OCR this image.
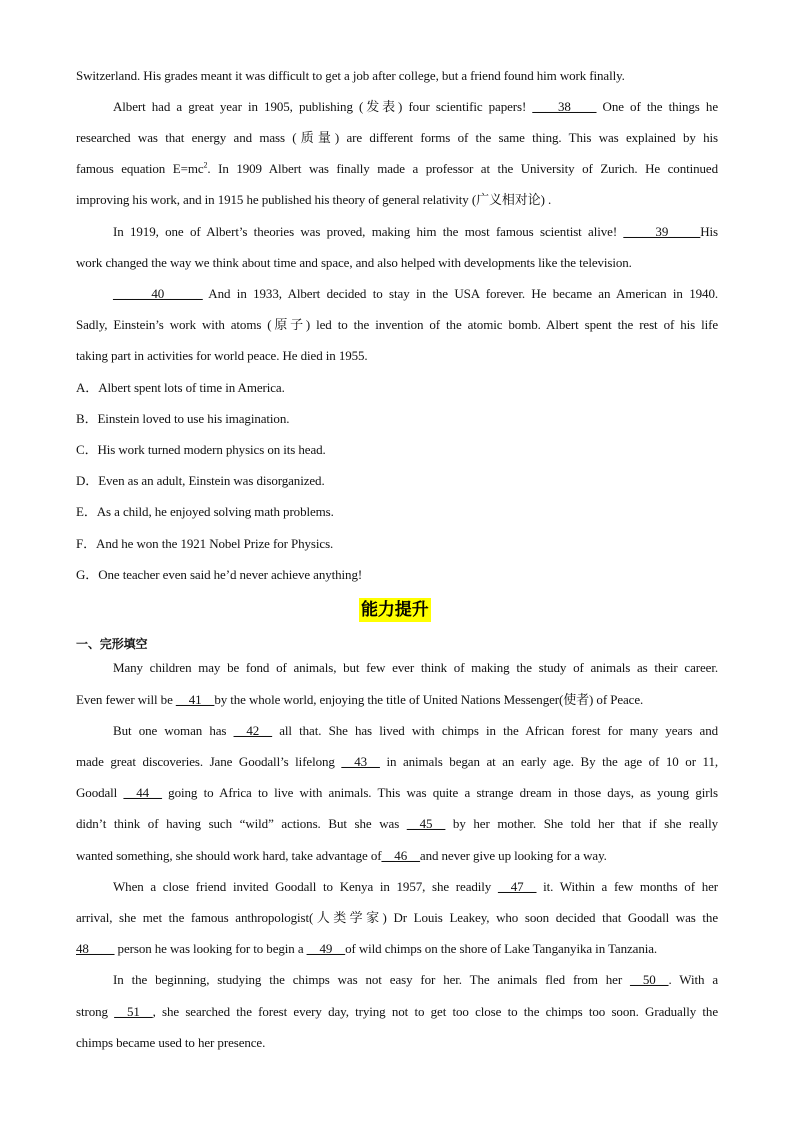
Switzerland. His grades meant it was difficult to get a job after college, but a friend found him work finally.
Albert had a great year in 1905, publishing (发表) four scientific papers! ____38____ One of the things he
researched was that energy and mass (质量) are different forms of the same thing. This was explained by his
famous equation $E=mc^2$. In 1909 Albert was finally made a professor at the University of Zurich. He continued
improving his work, and in 1915 he published his theory of general relativity (广义相对论) .
In 1919, one of Albert’s theories was proved, making him the most famous scientist alive! _____39_____His
work changed the way we think about time and space, and also helped with developments like the television.
______40______ And in 1933, Albert decided to stay in the USA forever. He became an American in 1940.
Sadly, Einstein’s work with atoms (原子) led to the invention of the atomic bomb. Albert spent the rest of his life
taking part in activities for world peace. He died in 1955.
A．Albert spent lots of time in America.
B．Einstein loved to use his imagination.
C．His work turned modern physics on its head.
D．Even as an adult, Einstein was disorganized.
E．As a child, he enjoyed solving math problems.
F．And he won the 1921 Nobel Prize for Physics.
G．One teacher even said he’d never achieve anything!
能力提升
一、完形填空
Many children may be fond of animals, but few ever think of making the study of animals as their career.
Even fewer will be __41__by the whole world, enjoying the title of United Nations Messenger(使者) of Peace.
But one woman has __42__ all that. She has lived with chimps in the African forest for many years and
made great discoveries. Jane Goodall’s lifelong __43__ in animals began at an early age. By the age of 10 or 11,
Goodall __44__ going to Africa to live with animals. This was quite a strange dream in those days, as young girls
didn’t think of having such “wild” actions. But she was __45__ by her mother. She told her that if she really
wanted something, she should work hard, take advantage of__46__and never give up looking for a way.
When a close friend invited Goodall to Kenya in 1957, she readily __47__ it. Within a few months of her
arrival, she met the famous anthropologist(人类学家) Dr Louis Leakey, who soon decided that Goodall was the
48____ person he was looking for to begin a __49__of wild chimps on the shore of Lake Tanganyika in Tanzania.
In the beginning, studying the chimps was not easy for her. The animals fled from her __50__. With a
strong __51__, she searched the forest every day, trying not to get too close to the chimps too soon. Gradually the
chimps became used to her presence.
